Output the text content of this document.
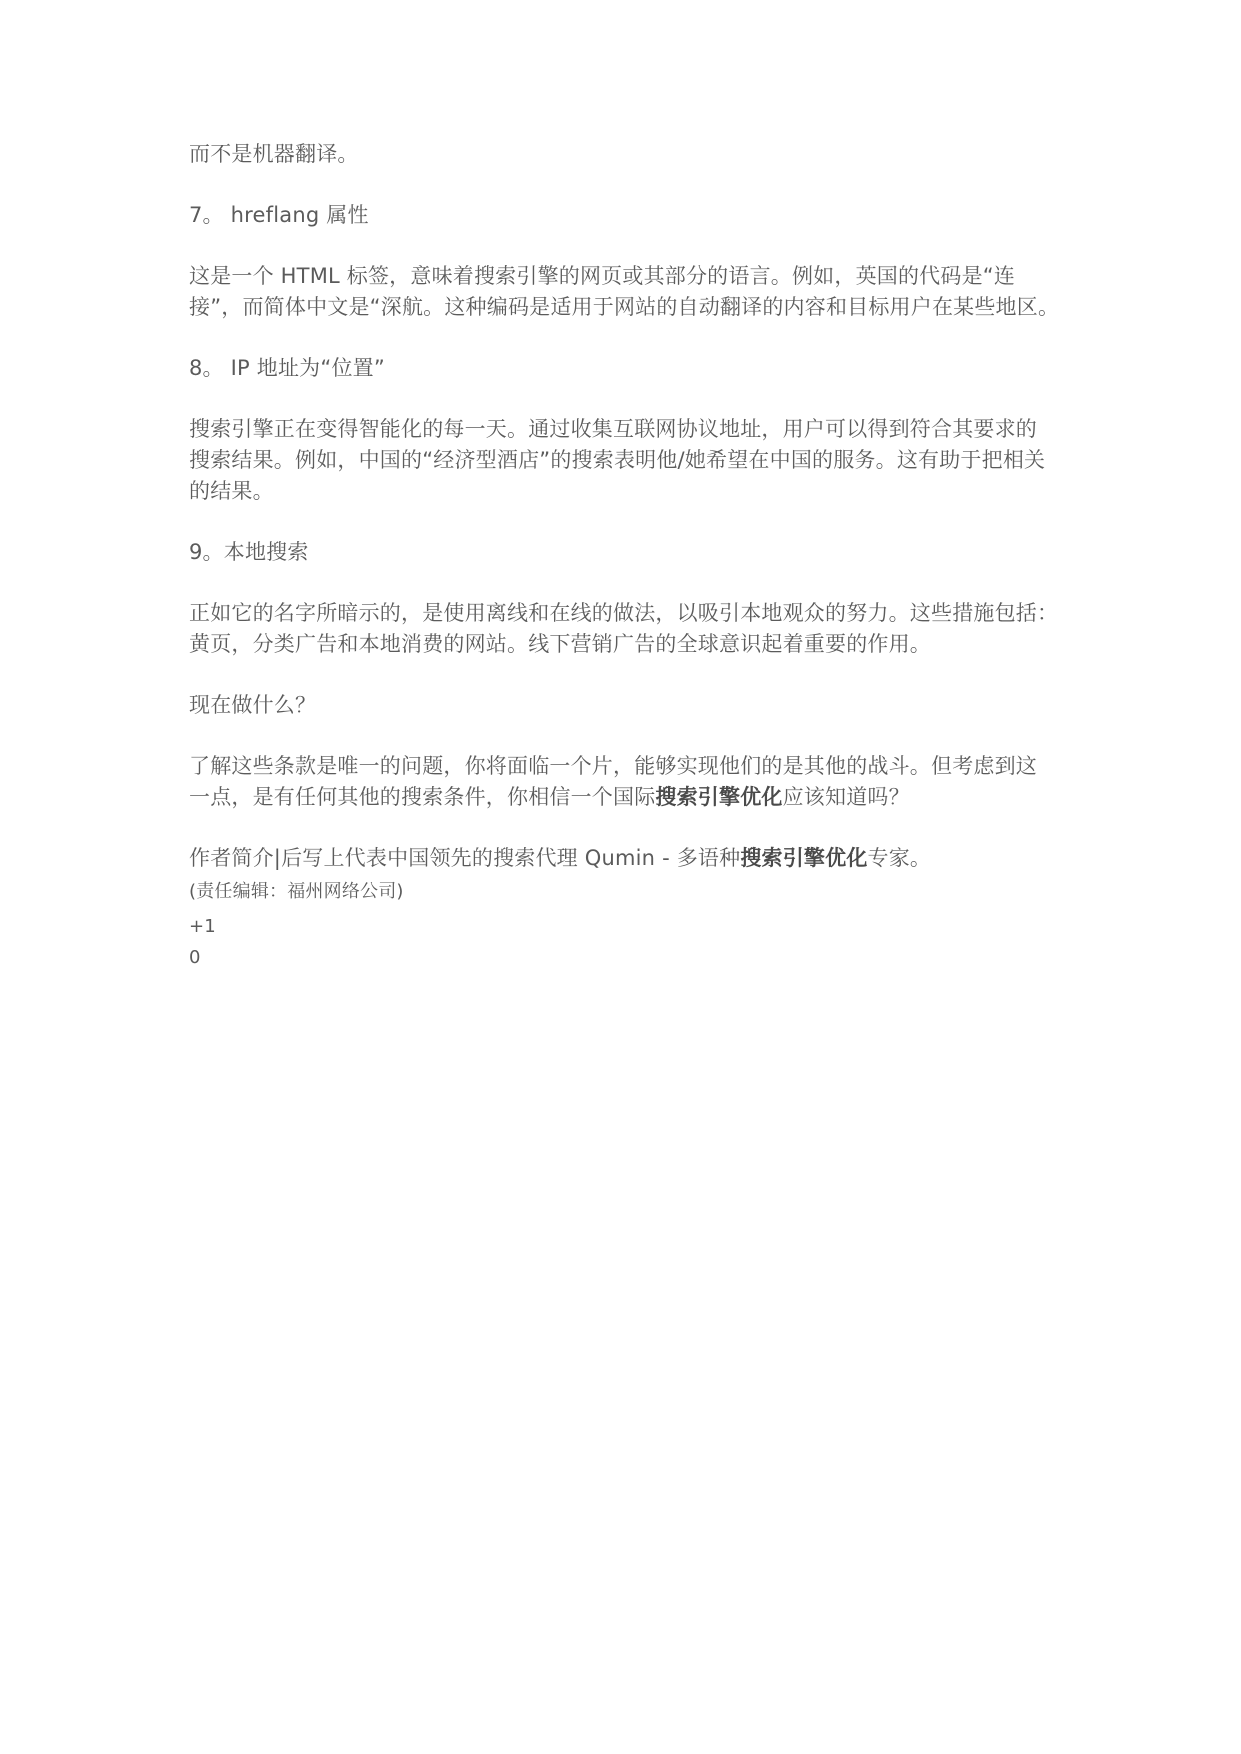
而不是机器翻译。
7。 hreflang 属性
这是一个 HTML 标签，意味着搜索引擎的网页或其部分的语言。例如，英国的代码是“连
接”，而简体中文是“深航。这种编码是适用于网站的自动翻译的内容和目标用户在某些地区。
8。 IP 地址为“位置”
搜索引擎正在变得智能化的每一天。通过收集互联网协议地址，用户可以得到符合其要求的
搜索结果。例如，中国的“经济型酒店”的搜索表明他/她希望在中国的服务。这有助于把相关
的结果。
9。本地搜索
正如它的名字所暗示的，是使用离线和在线的做法，以吸引本地观众的努力。这些措施包括：
黄页，分类广告和本地消费的网站。线下营销广告的全球意识起着重要的作用。
现在做什么？
了解这些条款是唯一的问题，你将面临一个片，能够实现他们的是其他的战斗。但考虑到这
一点，是有任何其他的搜索条件，你相信一个国际搜索引擎优化应该知道吗？
作者简介|后写上代表中国领先的搜索代理 Qumin - 多语种搜索引擎优化专家。
(责任编辑：福州网络公司)
+1
0
